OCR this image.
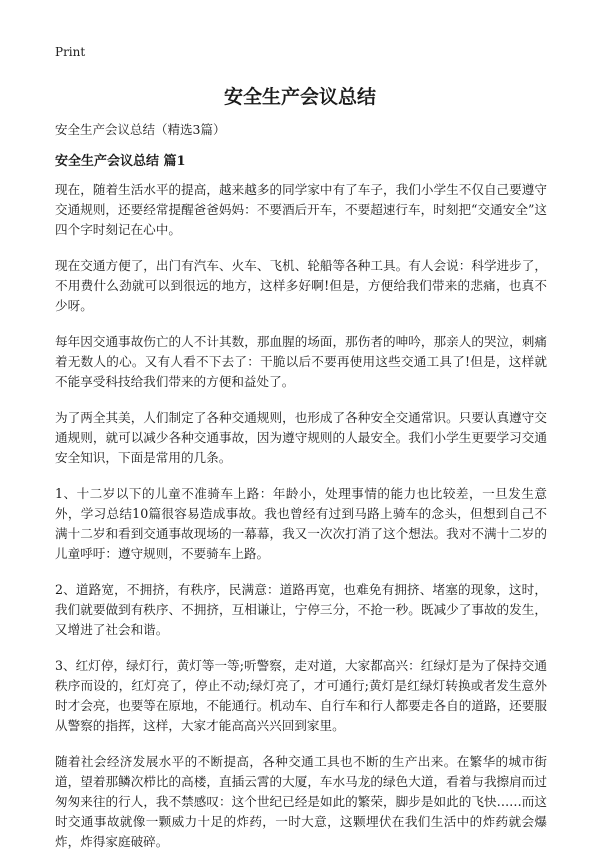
Print
安全生产会议总结

安全生产会议总结（精选3篇）

安全生产会议总结 篇1

现在，随着生活水平的提高，越来越多的同学家中有了车子，我们小学生不仅自己要遵守交通规则，还要经常提醒爸爸妈妈：不要酒后开车，不要超速行车，时刻把“交通安全”这四个字时刻记在心中。

现在交通方便了，出门有汽车、火车、飞机、轮船等各种工具。有人会说：科学进步了，不用费什么劲就可以到很远的地方，这样多好啊!但是，方便给我们带来的悲痛，也真不少呀。

每年因交通事故伤亡的人不计其数，那血腥的场面，那伤者的呻吟，那亲人的哭泣，刺痛着无数人的心。又有人看不下去了：干脆以后不要再使用这些交通工具了!但是，这样就不能享受科技给我们带来的方便和益处了。

为了两全其美，人们制定了各种交通规则，也形成了各种安全交通常识。只要认真遵守交通规则，就可以减少各种交通事故，因为遵守规则的人最安全。我们小学生更要学习交通安全知识，下面是常用的几条。

1、十二岁以下的儿童不准骑车上路：年龄小，处理事情的能力也比较差，一旦发生意外，学习总结10篇很容易造成事故。我也曾经有过到马路上骑车的念头，但想到自己不满十二岁和看到交通事故现场的一幕幕，我又一次次打消了这个想法。我对不满十二岁的儿童呼吁：遵守规则，不要骑车上路。

2、道路宽，不拥挤，有秩序，民满意：道路再宽，也难免有拥挤、堵塞的现象，这时，我们就要做到有秩序、不拥挤，互相谦让，宁停三分，不抢一秒。既减少了事故的发生，又增进了社会和谐。

3、红灯停，绿灯行，黄灯等一等;听警察，走对道，大家都高兴：红绿灯是为了保持交通秩序而设的，红灯亮了，停止不动;绿灯亮了，才可通行;黄灯是红绿灯转换或者发生意外时才会亮，也要等在原地，不能通行。机动车、自行车和行人都要走各自的道路，还要服从警察的指挥，这样，大家才能高高兴兴回到家里。

随着社会经济发展水平的不断提高，各种交通工具也不断的生产出来。在繁华的城市街道，望着那鳞次栉比的高楼，直插云霄的大厦，车水马龙的绿色大道，看着与我擦肩而过匆匆来往的行人，我不禁感叹：这个世纪已经是如此的繁荣，脚步是如此的飞快……而这时交通事故就像一颗威力十足的炸药，一时大意，这颗埋伏在我们生活中的炸药就会爆炸，炸得家庭破碎。
